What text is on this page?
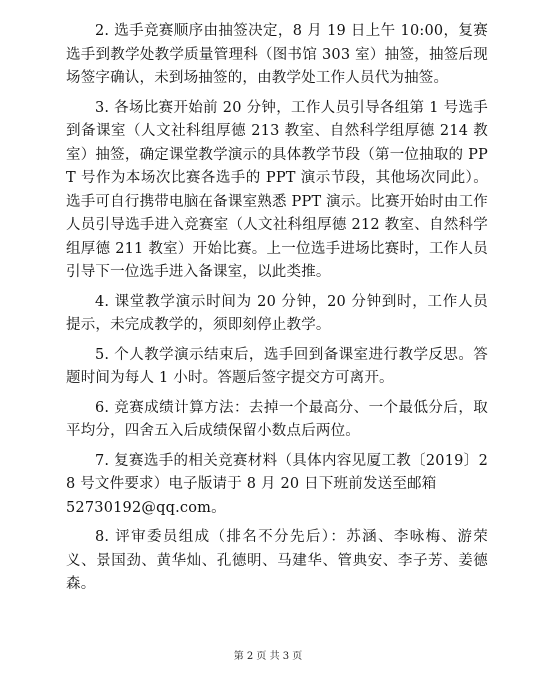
2. 选手竞赛顺序由抽签决定，8 月 19 日上午 10:00，复赛选手到教学处教学质量管理科（图书馆 303 室）抽签，抽签后现场签字确认，未到场抽签的，由教学处工作人员代为抽签。

3. 各场比赛开始前 20 分钟，工作人员引导各组第 1 号选手到备课室（人文社科组厚德 213 教室、自然科学组厚德 214 教室）抽签，确定课堂教学演示的具体教学节段（第一位抽取的 PPT 号作为本场次比赛各选手的 PPT 演示节段，其他场次同此）。选手可自行携带电脑在备课室熟悉 PPT 演示。比赛开始时由工作人员引导选手进入竞赛室（人文社科组厚德 212 教室、自然科学组厚德 211 教室）开始比赛。上一位选手进场比赛时，工作人员引导下一位选手进入备课室，以此类推。

4. 课堂教学演示时间为 20 分钟，20 分钟到时，工作人员提示，未完成教学的，须即刻停止教学。

5. 个人教学演示结束后，选手回到备课室进行教学反思。答题时间为每人 1 小时。答题后签字提交方可离开。

6. 竞赛成绩计算方法：去掉一个最高分、一个最低分后，取平均分，四舍五入后成绩保留小数点后两位。

7. 复赛选手的相关竞赛材料（具体内容见厦工教〔2019〕28 号文件要求）电子版请于 8 月 20 日下班前发送至邮箱

52730192@qq.com。

8. 评审委员组成（排名不分先后）：苏涵、李咏梅、游荣义、景国劲、黄华灿、孔德明、马建华、管典安、李子芳、姜德森。

第 2 页 共 3 页
